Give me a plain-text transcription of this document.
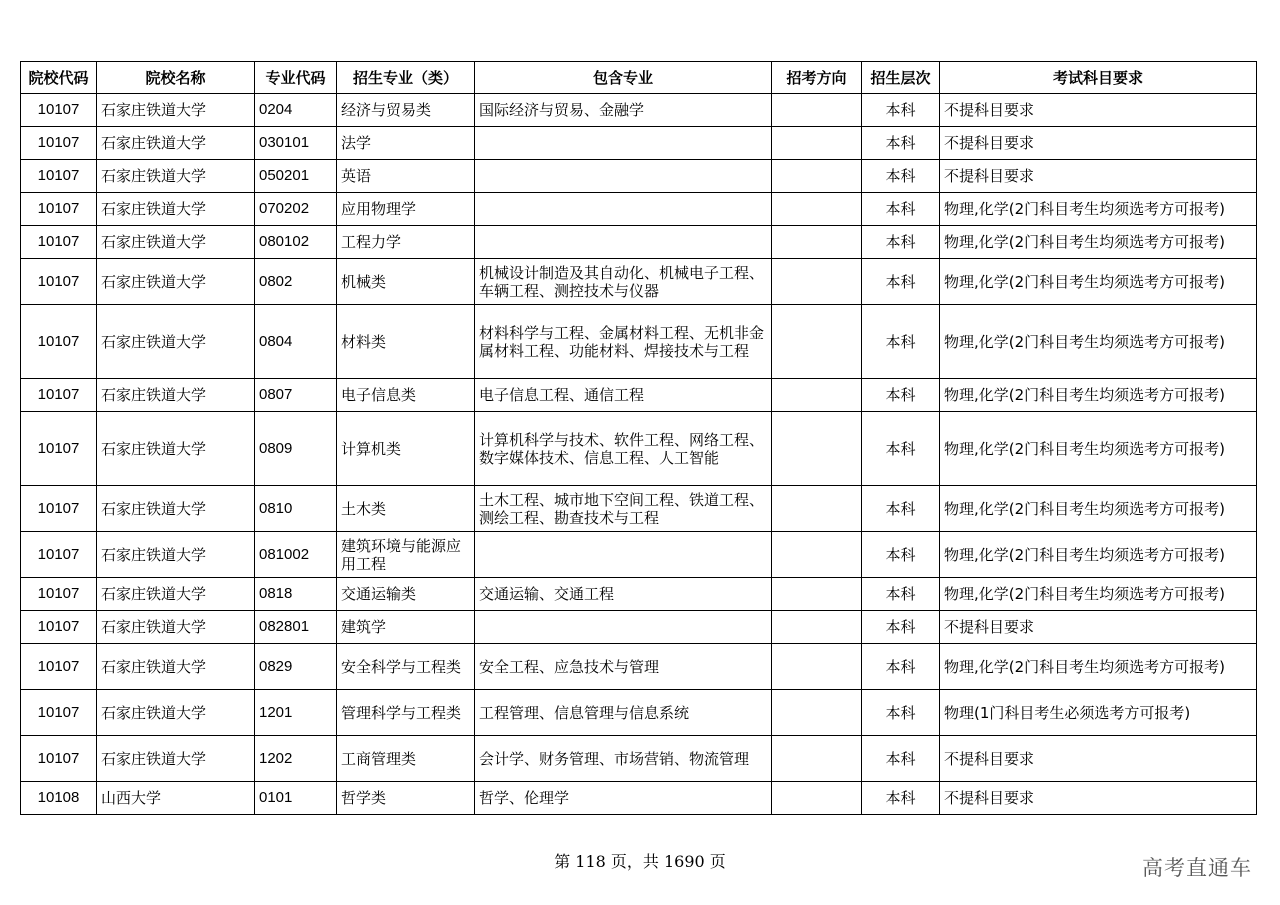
院校代码	院校名称	专业代码	招生专业（类）	包含专业	招考方向	招生层次	考试科目要求
10107	石家庄铁道大学	0204	经济与贸易类	国际经济与贸易、金融学		本科	不提科目要求
10107	石家庄铁道大学	030101	法学			本科	不提科目要求
10107	石家庄铁道大学	050201	英语			本科	不提科目要求
10107	石家庄铁道大学	070202	应用物理学			本科	物理,化学(2门科目考生均须选考方可报考)
10107	石家庄铁道大学	080102	工程力学			本科	物理,化学(2门科目考生均须选考方可报考)
10107	石家庄铁道大学	0802	机械类	机械设计制造及其自动化、机械电子工程、车辆工程、测控技术与仪器		本科	物理,化学(2门科目考生均须选考方可报考)
10107	石家庄铁道大学	0804	材料类	材料科学与工程、金属材料工程、无机非金属材料工程、功能材料、焊接技术与工程		本科	物理,化学(2门科目考生均须选考方可报考)
10107	石家庄铁道大学	0807	电子信息类	电子信息工程、通信工程		本科	物理,化学(2门科目考生均须选考方可报考)
10107	石家庄铁道大学	0809	计算机类	计算机科学与技术、软件工程、网络工程、数字媒体技术、信息工程、人工智能		本科	物理,化学(2门科目考生均须选考方可报考)
10107	石家庄铁道大学	0810	土木类	土木工程、城市地下空间工程、铁道工程、测绘工程、勘查技术与工程		本科	物理,化学(2门科目考生均须选考方可报考)
10107	石家庄铁道大学	081002	建筑环境与能源应用工程			本科	物理,化学(2门科目考生均须选考方可报考)
10107	石家庄铁道大学	0818	交通运输类	交通运输、交通工程		本科	物理,化学(2门科目考生均须选考方可报考)
10107	石家庄铁道大学	082801	建筑学			本科	不提科目要求
10107	石家庄铁道大学	0829	安全科学与工程类	安全工程、应急技术与管理		本科	物理,化学(2门科目考生均须选考方可报考)
10107	石家庄铁道大学	1201	管理科学与工程类	工程管理、信息管理与信息系统		本科	物理(1门科目考生必须选考方可报考)
10107	石家庄铁道大学	1202	工商管理类	会计学、财务管理、市场营销、物流管理		本科	不提科目要求
10108	山西大学	0101	哲学类	哲学、伦理学		本科	不提科目要求
第 118 页，共 1690 页	高考直通车
